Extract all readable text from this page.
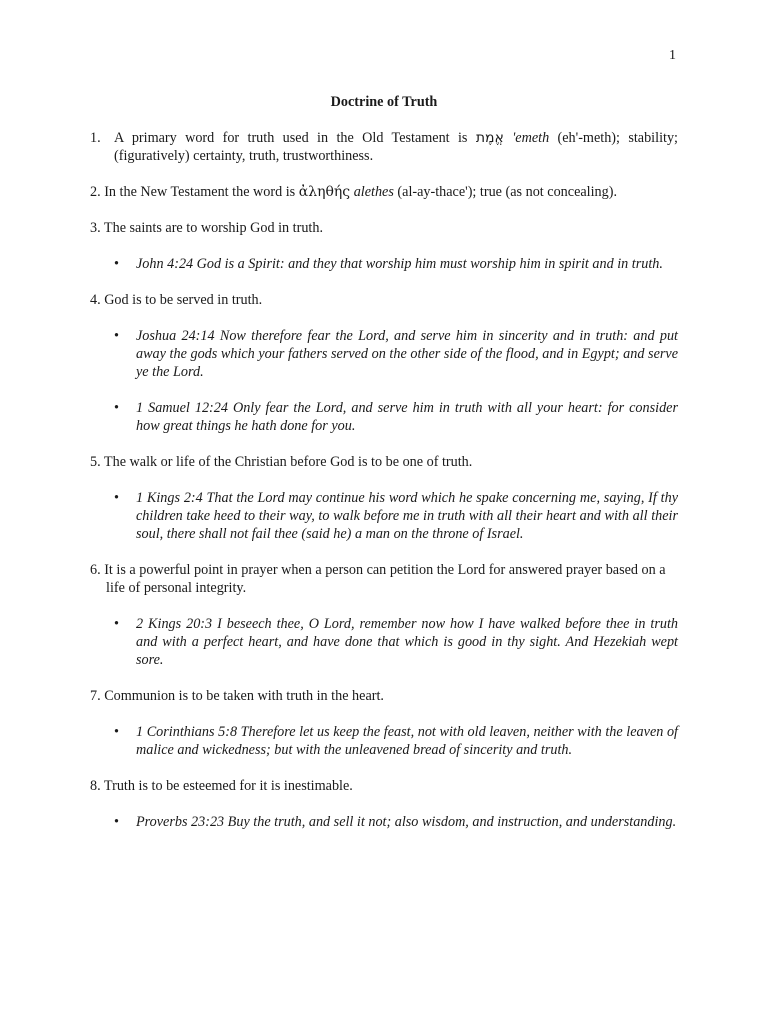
1
Doctrine of Truth
1. A primary word for truth used in the Old Testament is אֱמֶת 'emeth (eh'-meth); stability; (figuratively) certainty, truth, trustworthiness.
2. In the New Testament the word is ἀληθής alethes (al-ay-thace'); true (as not concealing).
3. The saints are to worship God in truth.
• John 4:24 God is a Spirit: and they that worship him must worship him in spirit and in truth.
4. God is to be served in truth.
• Joshua 24:14 Now therefore fear the Lord, and serve him in sincerity and in truth: and put away the gods which your fathers served on the other side of the flood, and in Egypt; and serve ye the Lord.
• 1 Samuel 12:24 Only fear the Lord, and serve him in truth with all your heart: for consider how great things he hath done for you.
5. The walk or life of the Christian before God is to be one of truth.
• 1 Kings 2:4 That the Lord may continue his word which he spake concerning me, saying, If thy children take heed to their way, to walk before me in truth with all their heart and with all their soul, there shall not fail thee (said he) a man on the throne of Israel.
6. It is a powerful point in prayer when a person can petition the Lord for answered prayer based on a life of personal integrity.
• 2 Kings 20:3 I beseech thee, O Lord, remember now how I have walked before thee in truth and with a perfect heart, and have done that which is good in thy sight. And Hezekiah wept sore.
7. Communion is to be taken with truth in the heart.
• 1 Corinthians 5:8 Therefore let us keep the feast, not with old leaven, neither with the leaven of malice and wickedness; but with the unleavened bread of sincerity and truth.
8. Truth is to be esteemed for it is inestimable.
• Proverbs 23:23 Buy the truth, and sell it not; also wisdom, and instruction, and understanding.
